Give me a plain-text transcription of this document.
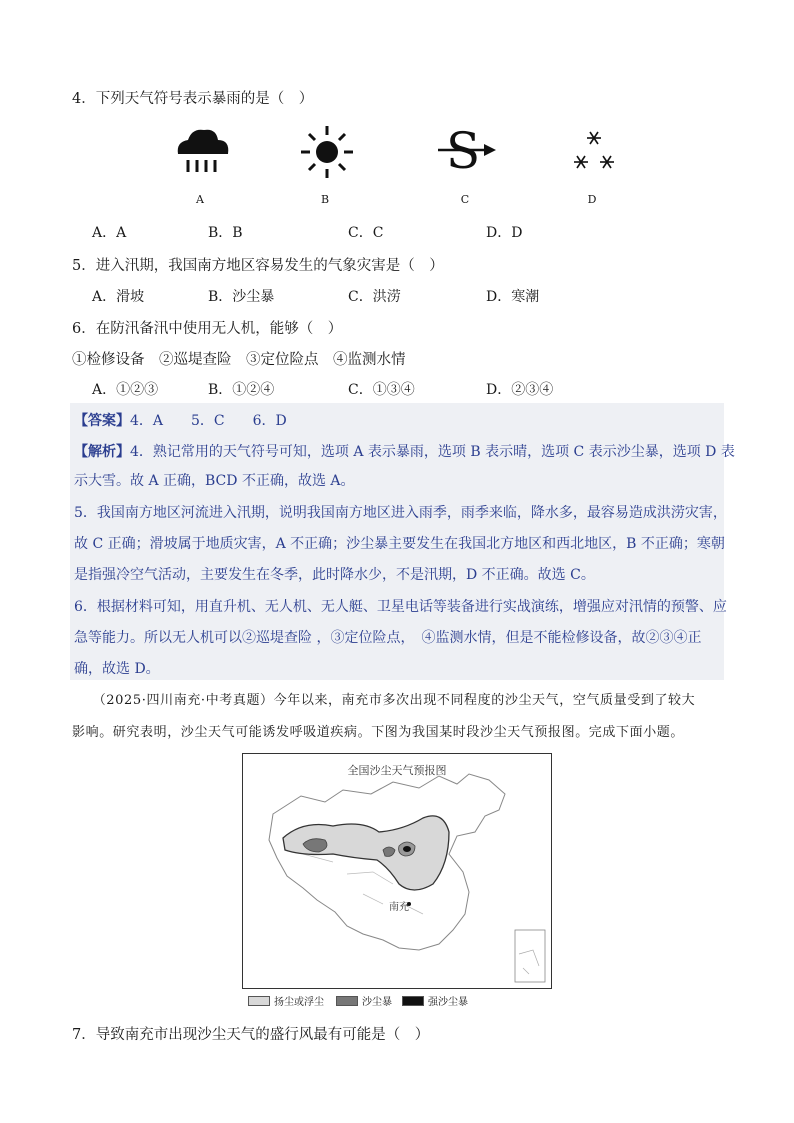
4．下列天气符号表示暴雨的是（　）
A	B
S
C	D
A．A	B．B	C．C	D．D
5．进入汛期，我国南方地区容易发生的气象灾害是（　）
A．滑坡	B．沙尘暴	C．洪涝	D．寒潮
6．在防汛备汛中使用无人机，能够（　）
①检修设备　②巡堤查险　③定位险点　④监测水情
A．①②③	B．①②④	C．①③④	D．②③④
【答案】4．A　　5．C　　6．D
【解析】4．熟记常用的天气符号可知，选项 A 表示暴雨，选项 B 表示晴，选项 C 表示沙尘暴，选项 D 表
示大雪。故 A 正确，BCD 不正确，故选 A。
5．我国南方地区河流进入汛期，说明我国南方地区进入雨季，雨季来临，降水多，最容易造成洪涝灾害，
故 C 正确；滑坡属于地质灾害，A 不正确；沙尘暴主要发生在我国北方地区和西北地区，B 不正确；寒朝
是指强冷空气活动，主要发生在冬季，此时降水少，不是汛期，D 不正确。故选 C。
6．根据材料可知，用直升机、无人机、无人艇、卫星电话等装备进行实战演练，增强应对汛情的预警、应
急等能力。所以无人机可以②巡堤查险 ，③定位险点，　④监测水情，但是不能检修设备，故②③④正
确，故选 D。
　　（2025·四川南充·中考真题）今年以来，南充市多次出现不同程度的沙尘天气，空气质量受到了较大
影响。研究表明，沙尘天气可能诱发呼吸道疾病。下图为我国某时段沙尘天气预报图。完成下面小题。
全国沙尘天气预报图
南充
扬尘或浮尘	沙尘暴	强沙尘暴
7．导致南充市出现沙尘天气的盛行风最有可能是（　）
